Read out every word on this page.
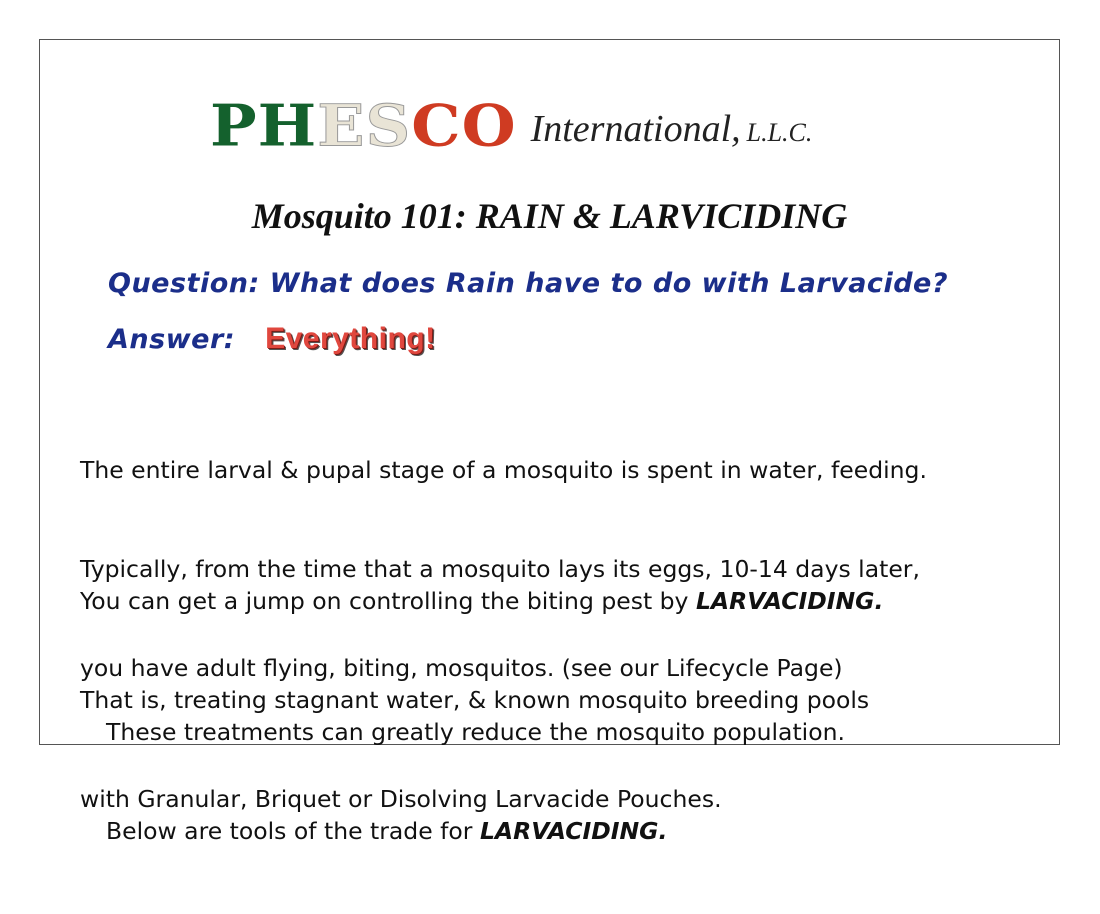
PHESCO International, L.L.C.
Mosquito 101: RAIN & LARVICIDING
Question: What does Rain have to do with Larvacide?
Answer: Everything!

The entire larval & pupal stage of a mosquito is spent in water, feeding.

Typically, from the time that a mosquito lays its eggs, 10-14 days later,

you have adult flying, biting, mosquitos. (see our Lifecycle Page)

You can get a jump on controlling the biting pest by LARVACIDING.

That is, treating stagnant water, & known mosquito breeding pools

with Granular, Briquet or Disolving Larvacide Pouches.

These treatments can greatly reduce the mosquito population.

Below are tools of the trade for LARVACIDING.
